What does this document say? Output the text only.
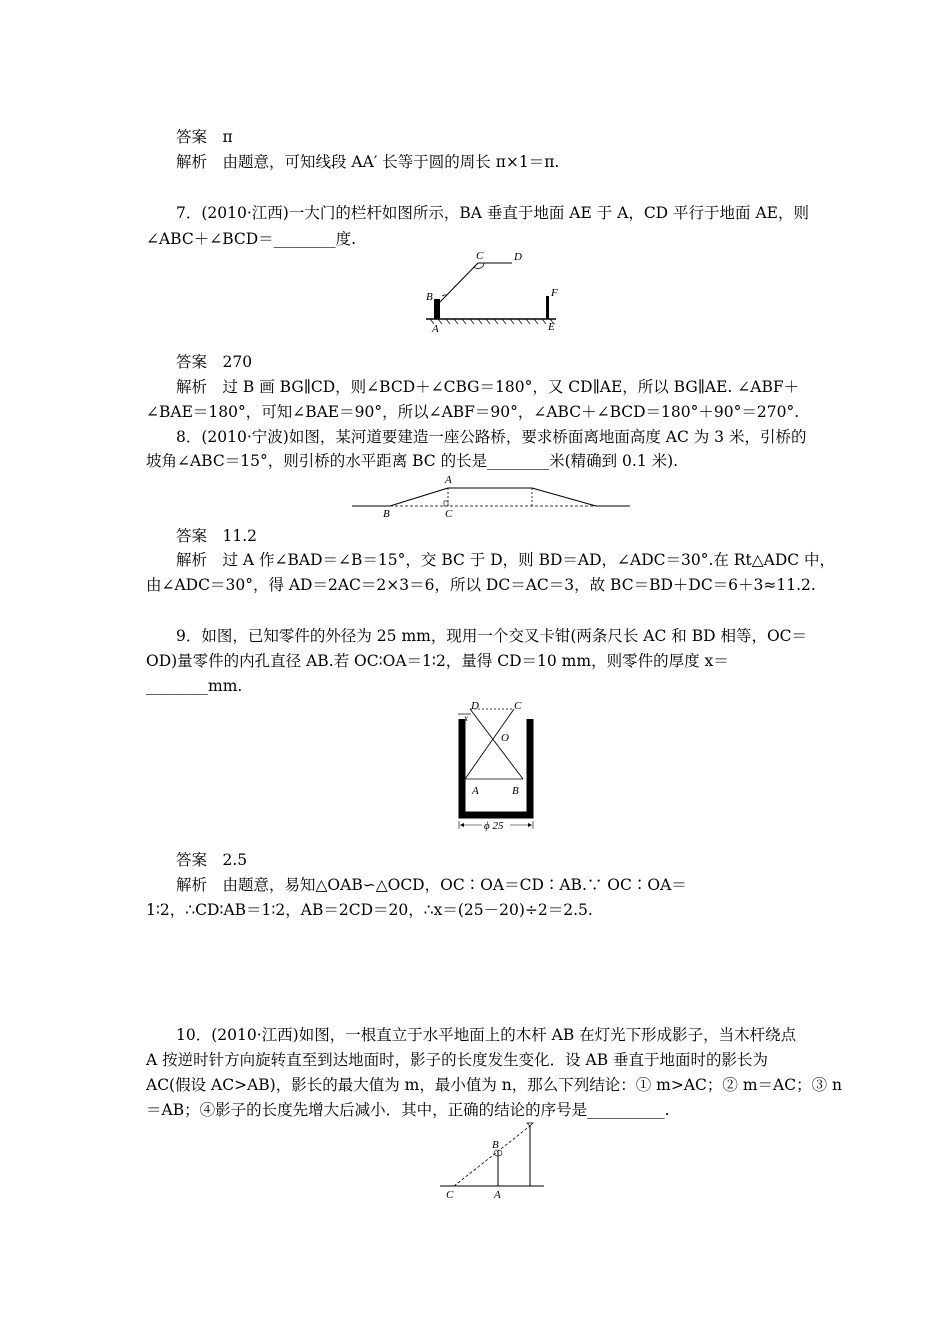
答案　π
解析　由题意，可知线段 AA′ 长等于圆的周长 π×1＝π.
7．(2010·江西)一大门的栏杆如图所示，BA 垂直于地面 AE 于 A，CD 平行于地面 AE，则
∠ABC＋∠BCD＝________度.
B
A
C	D
F
E
答案　270
解析　过 B 画 BG∥CD，则∠BCD＋∠CBG＝180°，又 CD∥AE，所以 BG∥AE. ∠ABF＋
∠BAE＝180°，可知∠BAE＝90°，所以∠ABF＝90°，∠ABC＋∠BCD＝180°＋90°＝270°.
8．(2010·宁波)如图，某河道要建造一座公路桥，要求桥面离地面高度 AC 为 3 米，引桥的
坡角∠ABC＝15°，则引桥的水平距离 BC 的长是________米(精确到 0.1 米).
A
B	C
答案　11.2
解析　过 A 作∠BAD＝∠B＝15°，交 BC 于 D，则 BD＝AD，∠ADC＝30°.在 Rt△ADC 中，
由∠ADC＝30°，得 AD＝2AC＝2×3＝6，所以 DC＝AC＝3，故 BC＝BD＋DC＝6＋3≈11.2.
9．如图，已知零件的外径为 25 mm，现用一个交叉卡钳(两条尺长 AC 和 BD 相等，OC＝
OD)量零件的内孔直径 AB.若 OC∶OA＝1∶2，量得 CD＝10 mm，则零件的厚度 x＝
________mm.
D	C
x
O
A	B
ϕ 25
答案　2.5
解析　由题意，易知△OAB∽△OCD，OC∶OA＝CD∶AB.∵ OC∶OA＝
1∶2，∴CD∶AB＝1∶2，AB＝2CD＝20，∴x＝(25－20)÷2＝2.5.
10．(2010·江西)如图，一根直立于水平地面上的木杆 AB 在灯光下形成影子，当木杆绕点
A 按逆时针方向旋转直至到达地面时，影子的长度发生变化．设 AB 垂直于地面时的影长为
AC(假设 AC>AB)，影长的最大值为 m，最小值为 n，那么下列结论：① m>AC；② m＝AC；③ n
＝AB；④影子的长度先增大后减小．其中，正确的结论的序号是__________.
B
C	A
